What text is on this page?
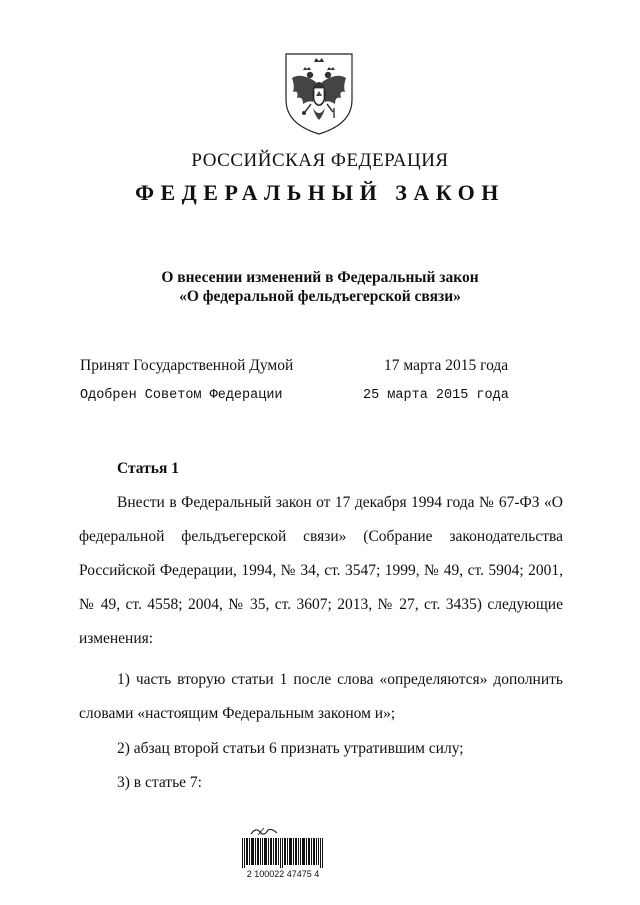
РОССИЙСКАЯ ФЕДЕРАЦИЯ
ФЕДЕРАЛЬНЫЙ ЗАКОН
О внесении изменений в Федеральный закон
«О федеральной фельдъегерской связи»
Принят Государственной Думой	17 марта 2015 года
Одобрен Советом Федерации	25 марта 2015 года
Статья 1

Внести в Федеральный закон от 17 декабря 1994 года № 67-ФЗ «О федеральной фельдъегерской связи» (Собрание законодательства Российской Федерации, 1994, № 34, ст. 3547; 1999, № 49, ст. 5904; 2001, № 49, ст. 4558; 2004, № 35, ст. 3607; 2013, № 27, ст. 3435) следующие изменения:

1) часть вторую статьи 1 после слова «определяются» дополнить словами «настоящим Федеральным законом и»;

2) абзац второй статьи 6 признать утратившим силу;
3) в статье 7:
2 100022 47475 4
